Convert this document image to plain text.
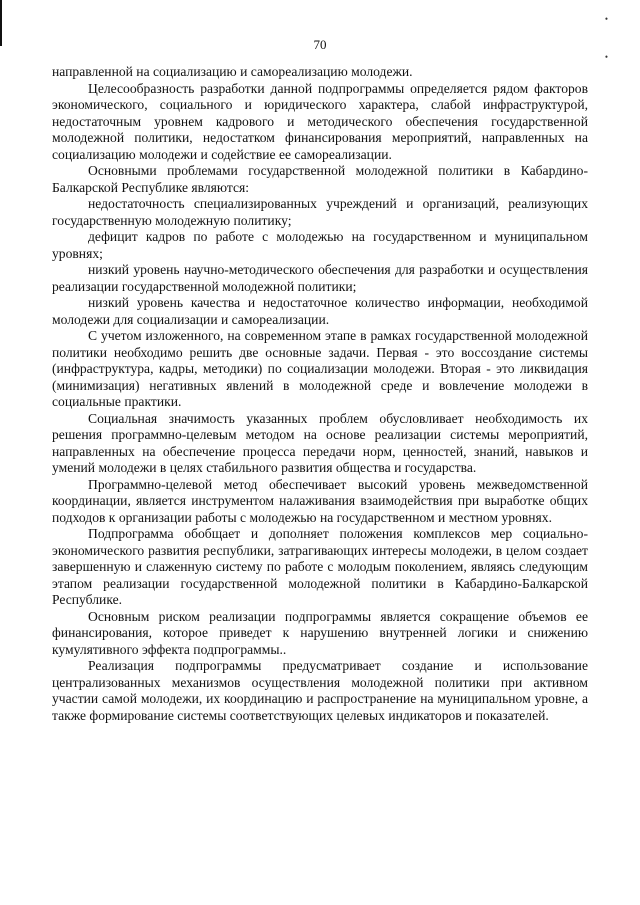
•
•
70

направленной на социализацию и самореализацию молодежи.

Целесообразность разработки данной подпрограммы определяется рядом факторов экономического, социального и юридического характера, слабой инфраструктурой, недостаточным уровнем кадрового и методического обеспечения государственной молодежной политики, недостатком финансирования мероприятий, направленных на социализацию молодежи и содействие ее самореализации.

Основными проблемами государственной молодежной политики в Кабардино-Балкарской Республике являются:

недостаточность специализированных учреждений и организаций, реализующих государственную молодежную политику;

дефицит кадров по работе с молодежью на государственном и муниципальном уровнях;

низкий уровень научно-методического обеспечения для разработки и осуществления реализации государственной молодежной политики;

низкий уровень качества и недостаточное количество информации, необходимой молодежи для социализации и самореализации.

С учетом изложенного, на современном этапе в рамках государственной молодежной политики необходимо решить две основные задачи. Первая - это воссоздание системы (инфраструктура, кадры, методики) по социализации молодежи. Вторая - это ликвидация (минимизация) негативных явлений в молодежной среде и вовлечение молодежи в социальные практики.

Социальная значимость указанных проблем обусловливает необходимость их решения программно-целевым методом на основе реализации системы мероприятий, направленных на обеспечение процесса передачи норм, ценностей, знаний, навыков и умений молодежи в целях стабильного развития общества и государства.

Программно-целевой метод обеспечивает высокий уровень межведомственной координации, является инструментом налаживания взаимодействия при выработке общих подходов к организации работы с молодежью на государственном и местном уровнях.

Подпрограмма обобщает и дополняет положения комплексов мер социально-экономического развития республики, затрагивающих интересы молодежи, в целом создает завершенную и слаженную систему по работе с молодым поколением, являясь следующим этапом реализации государственной молодежной политики в Кабардино-Балкарской Республике.

Основным риском реализации подпрограммы является сокращение объемов ее финансирования, которое приведет к нарушению внутренней логики и снижению кумулятивного эффекта подпрограммы..

Реализация подпрограммы предусматривает создание и использование централизованных механизмов осуществления молодежной политики при активном участии самой молодежи, их координацию и распространение на муниципальном уровне, а также формирование системы соответствующих целевых индикаторов и показателей.
